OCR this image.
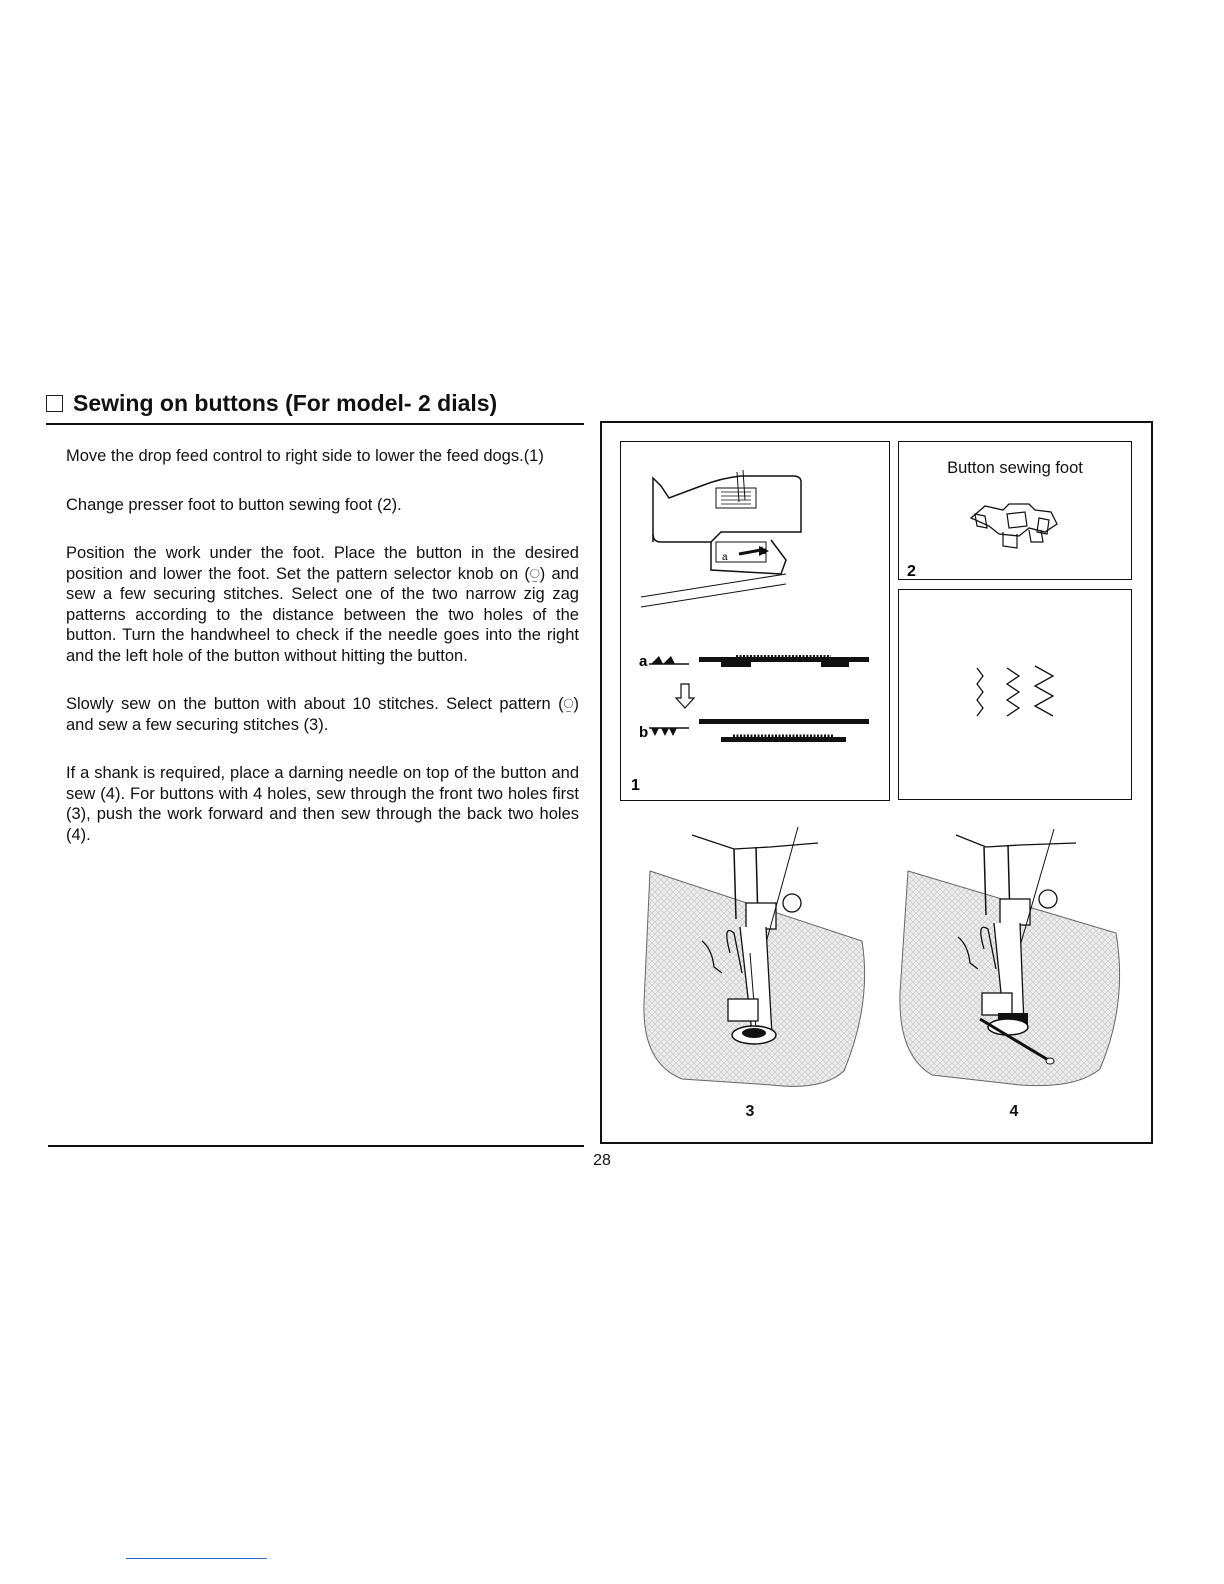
Sewing on buttons (For model- 2 dials)

Move the drop feed control to right side to lower the feed dogs.(1)

Change presser foot to button sewing foot (2).

Position the work under the foot. Place the button in the desired position and lower the foot. Set the pattern selector knob on (⍜) and sew a few securing stitches. Select one of the two narrow zig zag patterns according to the distance between the two holes of the button. Turn the handwheel to check if the needle goes into the right and the left hole of the button without hitting the button.

Slowly sew on the button with about 10 stitches. Select pattern (⍜) and sew a few securing stitches (3).

If a shank is required, place a darning needle on top of the button and sew (4). For buttons with 4 holes, sew through the front two holes first (3), push the work forward and then sew through the back two holes (4).

a
b
a
b
1
Button sewing foot
2
3	4
28
